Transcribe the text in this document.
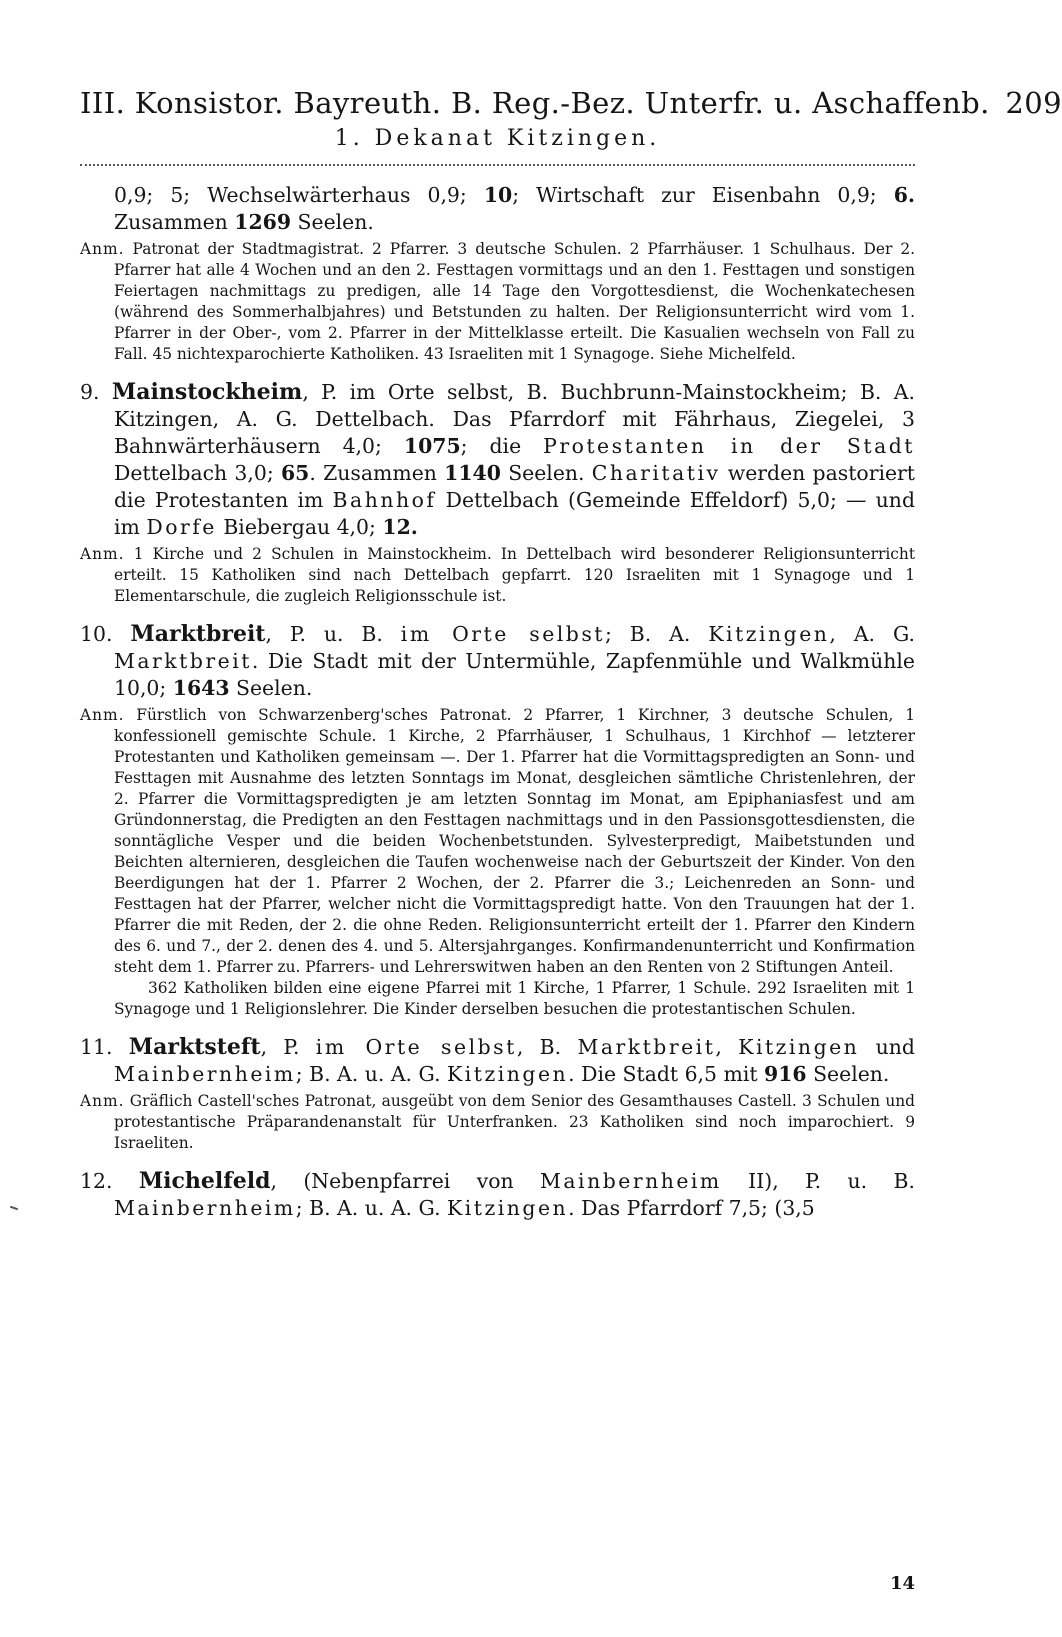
III. Konsistor. Bayreuth. B. Reg.-Bez. Unterfr. u. Aschaffenb. 209
1. Dekanat Kitzingen.
0,9; 5; Wechselwärterhaus 0,9; 10; Wirtschaft zur Eisenbahn 0,9; 6. Zusammen 1269 Seelen.
Anm. Patronat der Stadtmagistrat. 2 Pfarrer. 3 deutsche Schulen. 2 Pfarrhäuser. 1 Schulhaus. Der 2. Pfarrer hat alle 4 Wochen und an den 2. Festtagen vormittags und an den 1. Festtagen und sonstigen Feiertagen nachmittags zu predigen, alle 14 Tage den Vorgottesdienst, die Wochenkatechesen (während des Sommerhalbjahres) und Betstunden zu halten. Der Religionsunterricht wird vom 1. Pfarrer in der Ober-, vom 2. Pfarrer in der Mittelklasse erteilt. Die Kasualien wechseln von Fall zu Fall. 45 nichtexparochierte Katholiken. 43 Israeliten mit 1 Synagoge. Siehe Michelfeld.
9. Mainstockheim, P. im Orte selbst, B. Buchbrunn-Mainstockheim; B. A. Kitzingen, A. G. Dettelbach. Das Pfarrdorf mit Fährhaus, Ziegelei, 3 Bahnwärterhäusern 4,0; 1075; die Protestanten in der Stadt Dettelbach 3,0; 65. Zusammen 1140 Seelen. Charitativ werden pastoriert die Protestanten im Bahnhof Dettelbach (Gemeinde Effeldorf) 5,0; — und im Dorfe Biebergau 4,0; 12.
Anm. 1 Kirche und 2 Schulen in Mainstockheim. In Dettelbach wird besonderer Religionsunterricht erteilt. 15 Katholiken sind nach Dettelbach gepfarrt. 120 Israeliten mit 1 Synagoge und 1 Elementarschule, die zugleich Religionsschule ist.
10. Marktbreit, P. u. B. im Orte selbst; B. A. Kitzingen, A. G. Marktbreit. Die Stadt mit der Untermühle, Zapfenmühle und Walkmühle 10,0; 1643 Seelen.
Anm. Fürstlich von Schwarzenberg'sches Patronat. 2 Pfarrer, 1 Kirchner, 3 deutsche Schulen, 1 konfessionell gemischte Schule. 1 Kirche, 2 Pfarrhäuser, 1 Schulhaus, 1 Kirchhof — letzterer Protestanten und Katholiken gemeinsam —. Der 1. Pfarrer hat die Vormittagspredigten an Sonn- und Festtagen mit Ausnahme des letzten Sonntags im Monat, desgleichen sämtliche Christenlehren, der 2. Pfarrer die Vormittagspredigten je am letzten Sonntag im Monat, am Epiphaniasfest und am Gründonnerstag, die Predigten an den Festtagen nachmittags und in den Passionsgottesdiensten, die sonntägliche Vesper und die beiden Wochenbetstunden. Sylvesterpredigt, Maibetstunden und Beichten alternieren, desgleichen die Taufen wochenweise nach der Geburtszeit der Kinder. Von den Beerdigungen hat der 1. Pfarrer 2 Wochen, der 2. Pfarrer die 3.; Leichenreden an Sonn- und Festtagen hat der Pfarrer, welcher nicht die Vormittagspredigt hatte. Von den Trauungen hat der 1. Pfarrer die mit Reden, der 2. die ohne Reden. Religionsunterricht erteilt der 1. Pfarrer den Kindern des 6. und 7., der 2. denen des 4. und 5. Altersjahrganges. Konfirmandenunterricht und Konfirmation steht dem 1. Pfarrer zu. Pfarrers- und Lehrerswitwen haben an den Renten von 2 Stiftungen Anteil.
362 Katholiken bilden eine eigene Pfarrei mit 1 Kirche, 1 Pfarrer, 1 Schule. 292 Israeliten mit 1 Synagoge und 1 Religionslehrer. Die Kinder derselben besuchen die protestantischen Schulen.
11. Marktsteft, P. im Orte selbst, B. Marktbreit, Kitzingen und Mainbernheim; B. A. u. A. G. Kitzingen. Die Stadt 6,5 mit 916 Seelen.
Anm. Gräflich Castell'sches Patronat, ausgeübt von dem Senior des Gesamthauses Castell. 3 Schulen und protestantische Präparandenanstalt für Unterfranken. 23 Katholiken sind noch imparochiert. 9 Israeliten.
12. Michelfeld, (Nebenpfarrei von Mainbernheim II), P. u. B. Mainbernheim; B. A. u. A. G. Kitzingen. Das Pfarrdorf 7,5; (3,5
14
